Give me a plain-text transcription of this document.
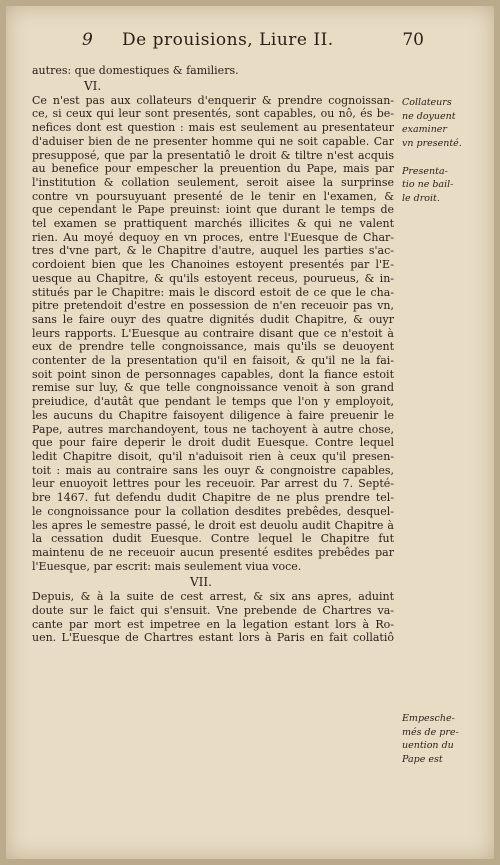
9 De prouisions, Liure II.	70
autres: que domestiques & familiers.
VI.
Ce n'est pas aux collateurs d'enquerir & prendre cognoissan-
ce, si ceux qui leur sont presentés, sont capables, ou nô, és be-
nefices dont est question : mais est seulement au presentateur
d'aduiser bien de ne presenter homme qui ne soit capable. Car
presupposé, que par la presentatiô le droit & tiltre n'est acquis
au benefice pour empescher la preuention du Pape, mais par
l'institution & collation seulement, seroit aisee la surprinse
contre vn poursuyuant presenté de le tenir en l'examen, &
que cependant le Pape preuinst: ioint que durant le temps de
tel examen se prattiquent marchés illicites & qui ne valent
rien. Au moyé dequoy en vn proces, entre l'Euesque de Char-
tres d'vne part, & le Chapitre d'autre, auquel les parties s'ac-
cordoient bien que les Chanoines estoyent presentés par l'E-
uesque au Chapitre, & qu'ils estoyent receus, pourueus, & in-
stitués par le Chapitre: mais le discord estoit de ce que le cha-
pitre pretendoit d'estre en possession de n'en receuoir pas vn,
sans le faire ouyr des quatre dignités dudit Chapitre, & ouyr
leurs rapports. L'Euesque au contraire disant que ce n'estoit à
eux de prendre telle congnoissance, mais qu'ils se deuoyent
contenter de la presentation qu'il en faisoit, & qu'il ne la fai-
soit point sinon de personnages capables, dont la fiance estoit
remise sur luy, & que telle congnoissance venoit à son grand
preiudice, d'autât que pendant le temps que l'on y employoit,
les aucuns du Chapitre faisoyent diligence à faire preuenir le
Pape, autres marchandoyent, tous ne tachoyent à autre chose,
que pour faire deperir le droit dudit Euesque. Contre lequel
ledit Chapitre disoit, qu'il n'aduisoit rien à ceux qu'il presen-
toit : mais au contraire sans les ouyr & congnoistre capables,
leur enuoyoit lettres pour les receuoir. Par arrest du 7. Septé-
bre 1467. fut defendu dudit Chapitre de ne plus prendre tel-
le congnoissance pour la collation desdites prebêdes, desquel-
les apres le semestre passé, le droit est deuolu audit Chapitre à
la cessation dudit Euesque. Contre lequel le Chapitre fut
maintenu de ne receuoir aucun presenté esdites prebêdes par
l'Euesque, par escrit: mais seulement viua voce.
VII.
Depuis, & à la suite de cest arrest, & six ans apres, aduint
doute sur le faict qui s'ensuit. Vne prebende de Chartres va-
cante par mort est impetree en la legation estant lors à Ro-
uen. L'Euesque de Chartres estant lors à Paris en fait collatiô
Collateurs
ne doyuent
examiner
vn presenté.

Presenta-
tio ne bail-
le droit.
Empesche-
més de pre-
uention du
Pape est
